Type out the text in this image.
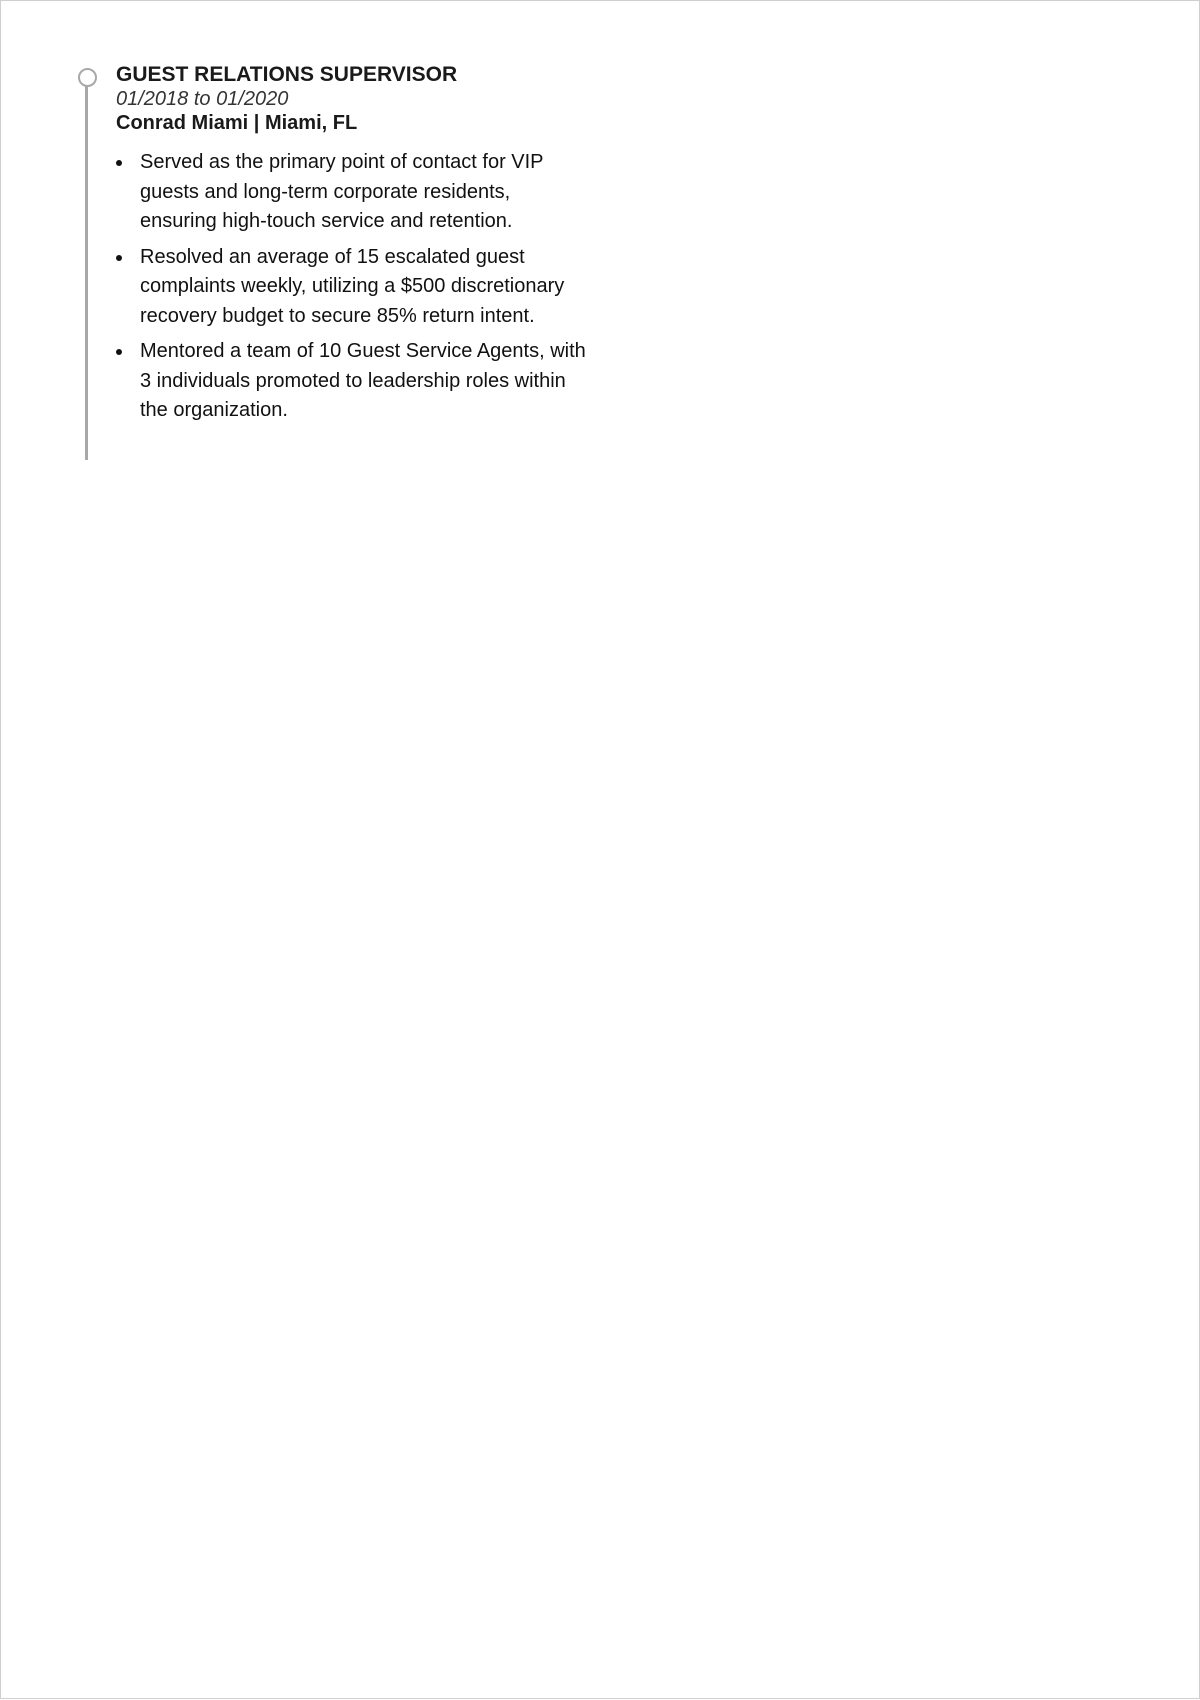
GUEST RELATIONS SUPERVISOR
01/2018 to 01/2020
Conrad Miami | Miami, FL
Served as the primary point of contact for VIP guests and long-term corporate residents, ensuring high-touch service and retention.
Resolved an average of 15 escalated guest complaints weekly, utilizing a $500 discretionary recovery budget to secure 85% return intent.
Mentored a team of 10 Guest Service Agents, with 3 individuals promoted to leadership roles within the organization.
